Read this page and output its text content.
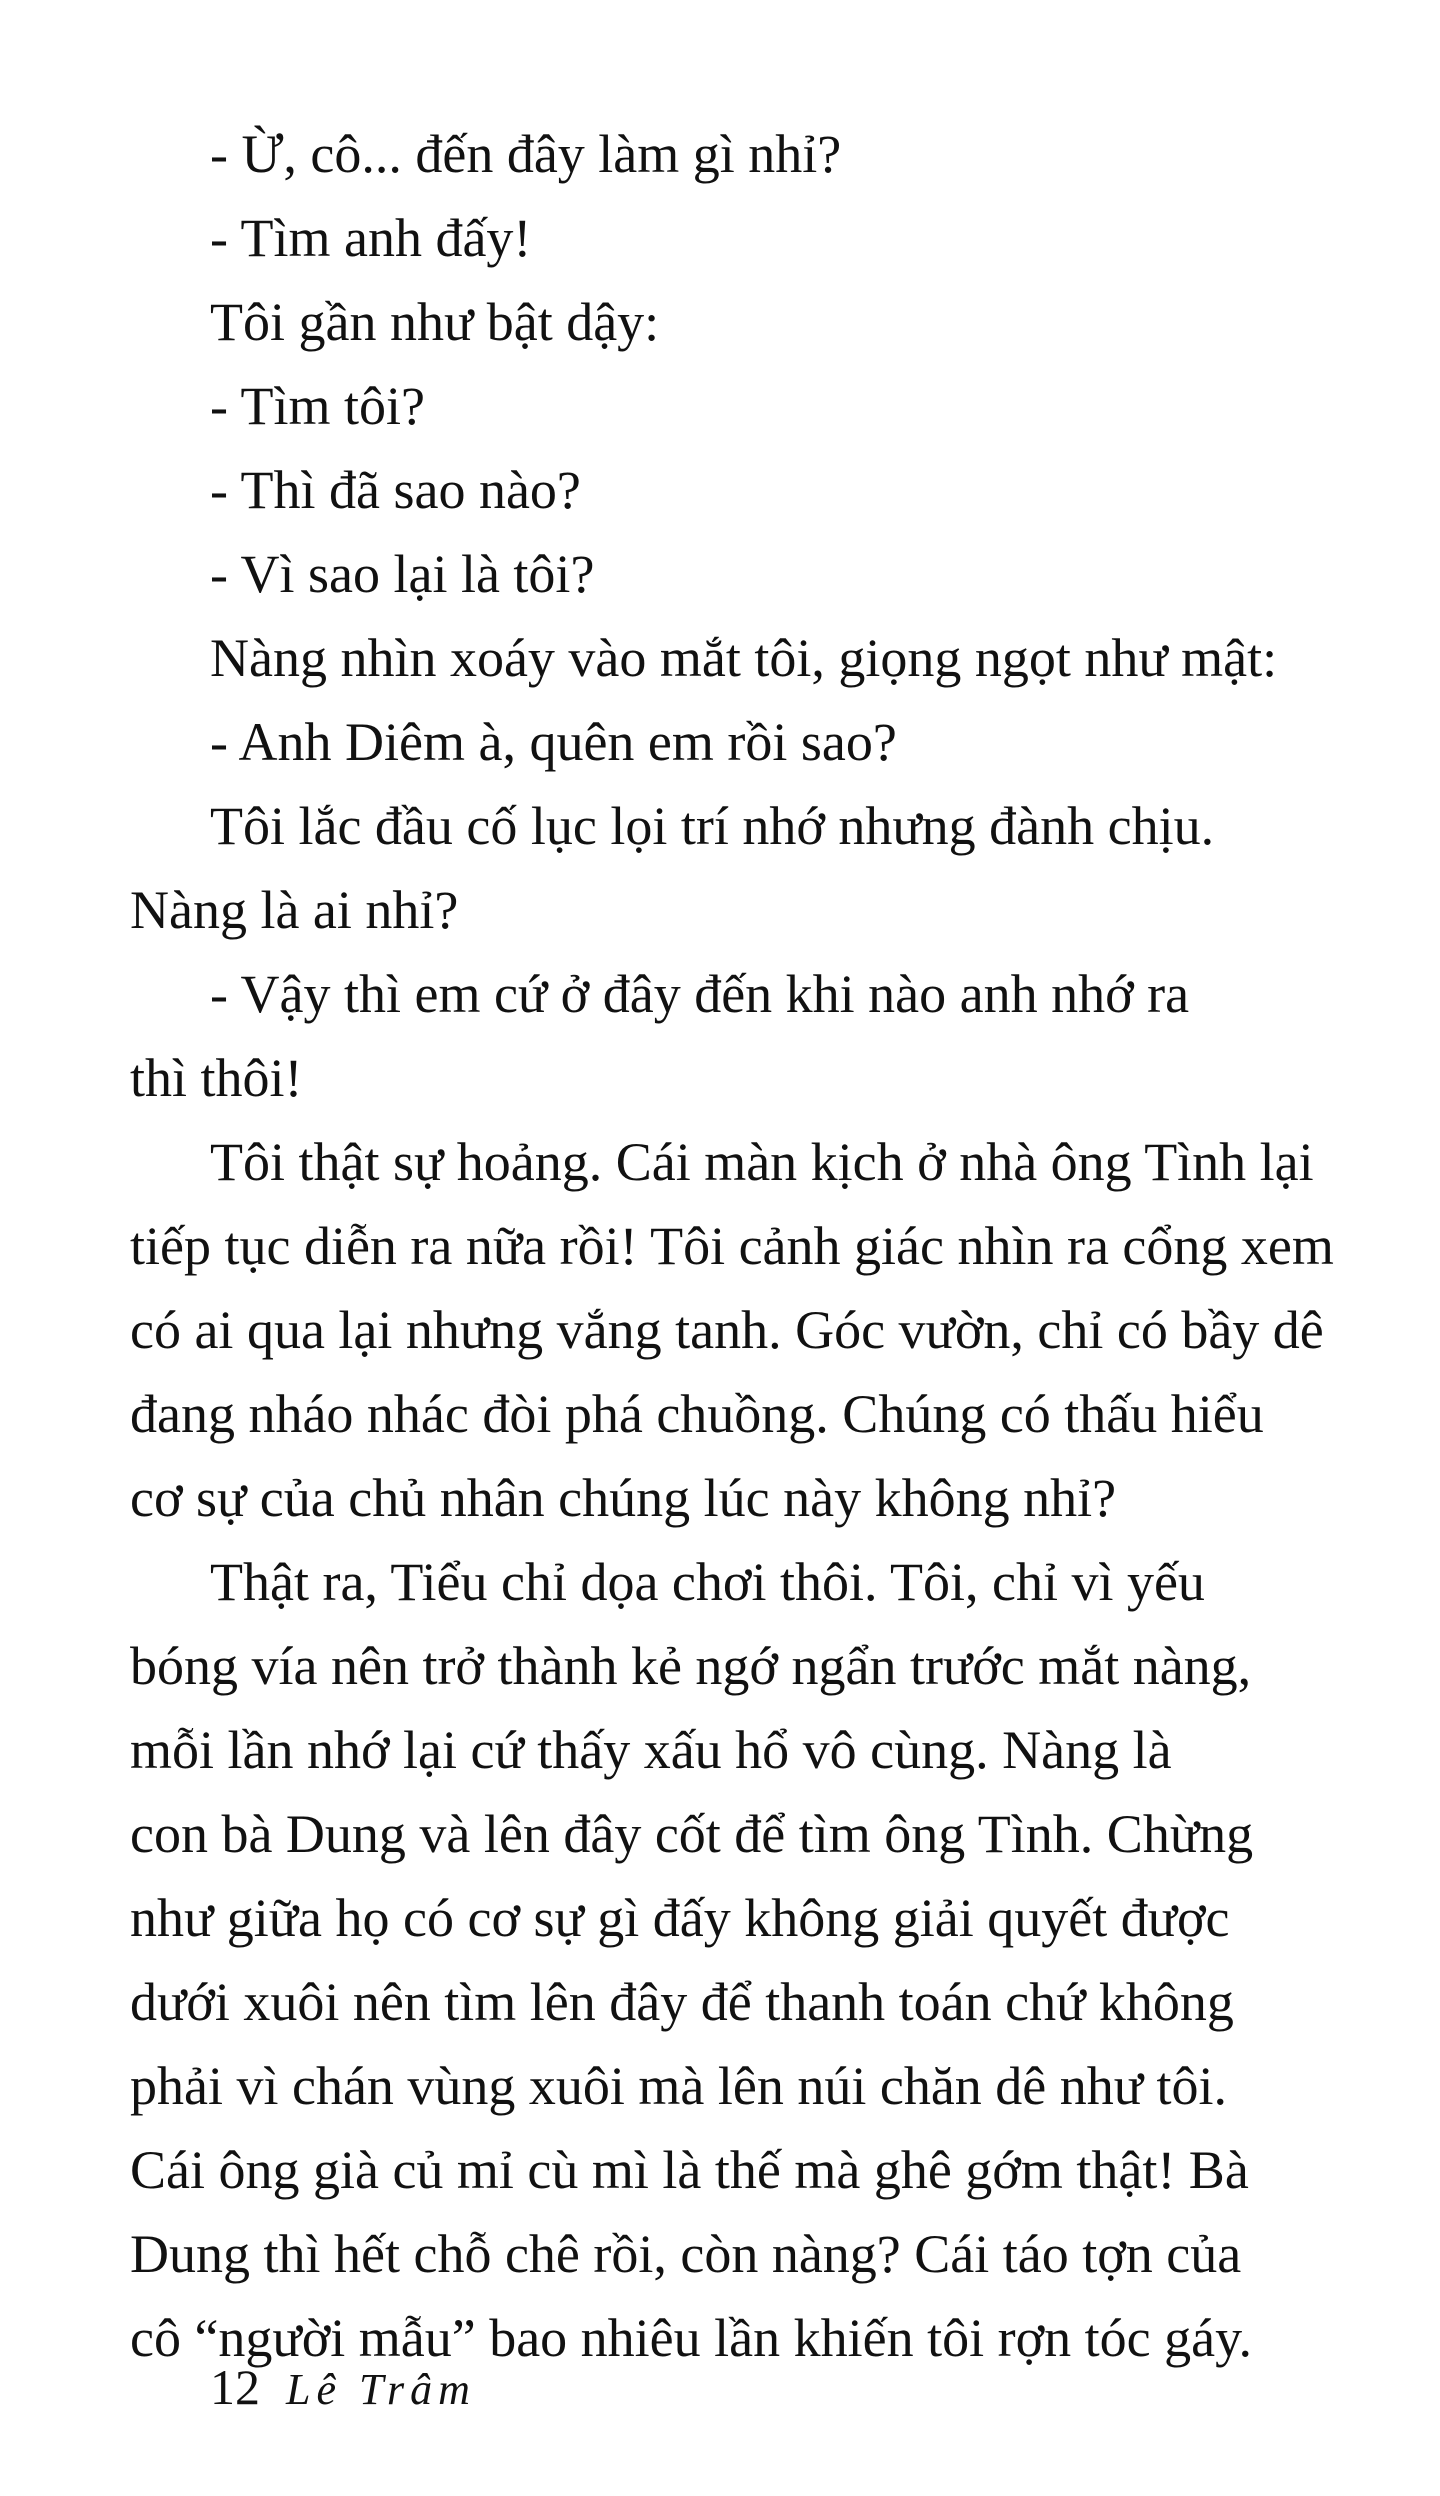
- Ừ, cô... đến đây làm gì nhỉ?
- Tìm anh đấy!
Tôi gần như bật dậy:
- Tìm tôi?
- Thì đã sao nào?
- Vì sao lại là tôi?
Nàng nhìn xoáy vào mắt tôi, giọng ngọt như mật:
- Anh Diêm à, quên em rồi sao?
Tôi lắc đầu cố lục lọi trí nhớ nhưng đành chịu.
Nàng là ai nhỉ?
- Vậy thì em cứ ở đây đến khi nào anh nhớ ra
thì thôi!
Tôi thật sự hoảng. Cái màn kịch ở nhà ông Tình lại
tiếp tục diễn ra nữa rồi! Tôi cảnh giác nhìn ra cổng xem
có ai qua lại nhưng vắng tanh. Góc vườn, chỉ có bầy dê
đang nháo nhác đòi phá chuồng. Chúng có thấu hiểu
cơ sự của chủ nhân chúng lúc này không nhỉ?
Thật ra, Tiểu chỉ dọa chơi thôi. Tôi, chỉ vì yếu
bóng vía nên trở thành kẻ ngớ ngẩn trước mắt nàng,
mỗi lần nhớ lại cứ thấy xấu hổ vô cùng. Nàng là
con bà Dung và lên đây cốt để tìm ông Tình. Chừng
như giữa họ có cơ sự gì đấy không giải quyết được
dưới xuôi nên tìm lên đây để thanh toán chứ không
phải vì chán vùng xuôi mà lên núi chăn dê như tôi.
Cái ông già củ mỉ cù mì là thế mà ghê gớm thật! Bà
Dung thì hết chỗ chê rồi, còn nàng? Cái táo tợn của
cô “người mẫu” bao nhiêu lần khiến tôi rợn tóc gáy.
12 Lê Trâm
